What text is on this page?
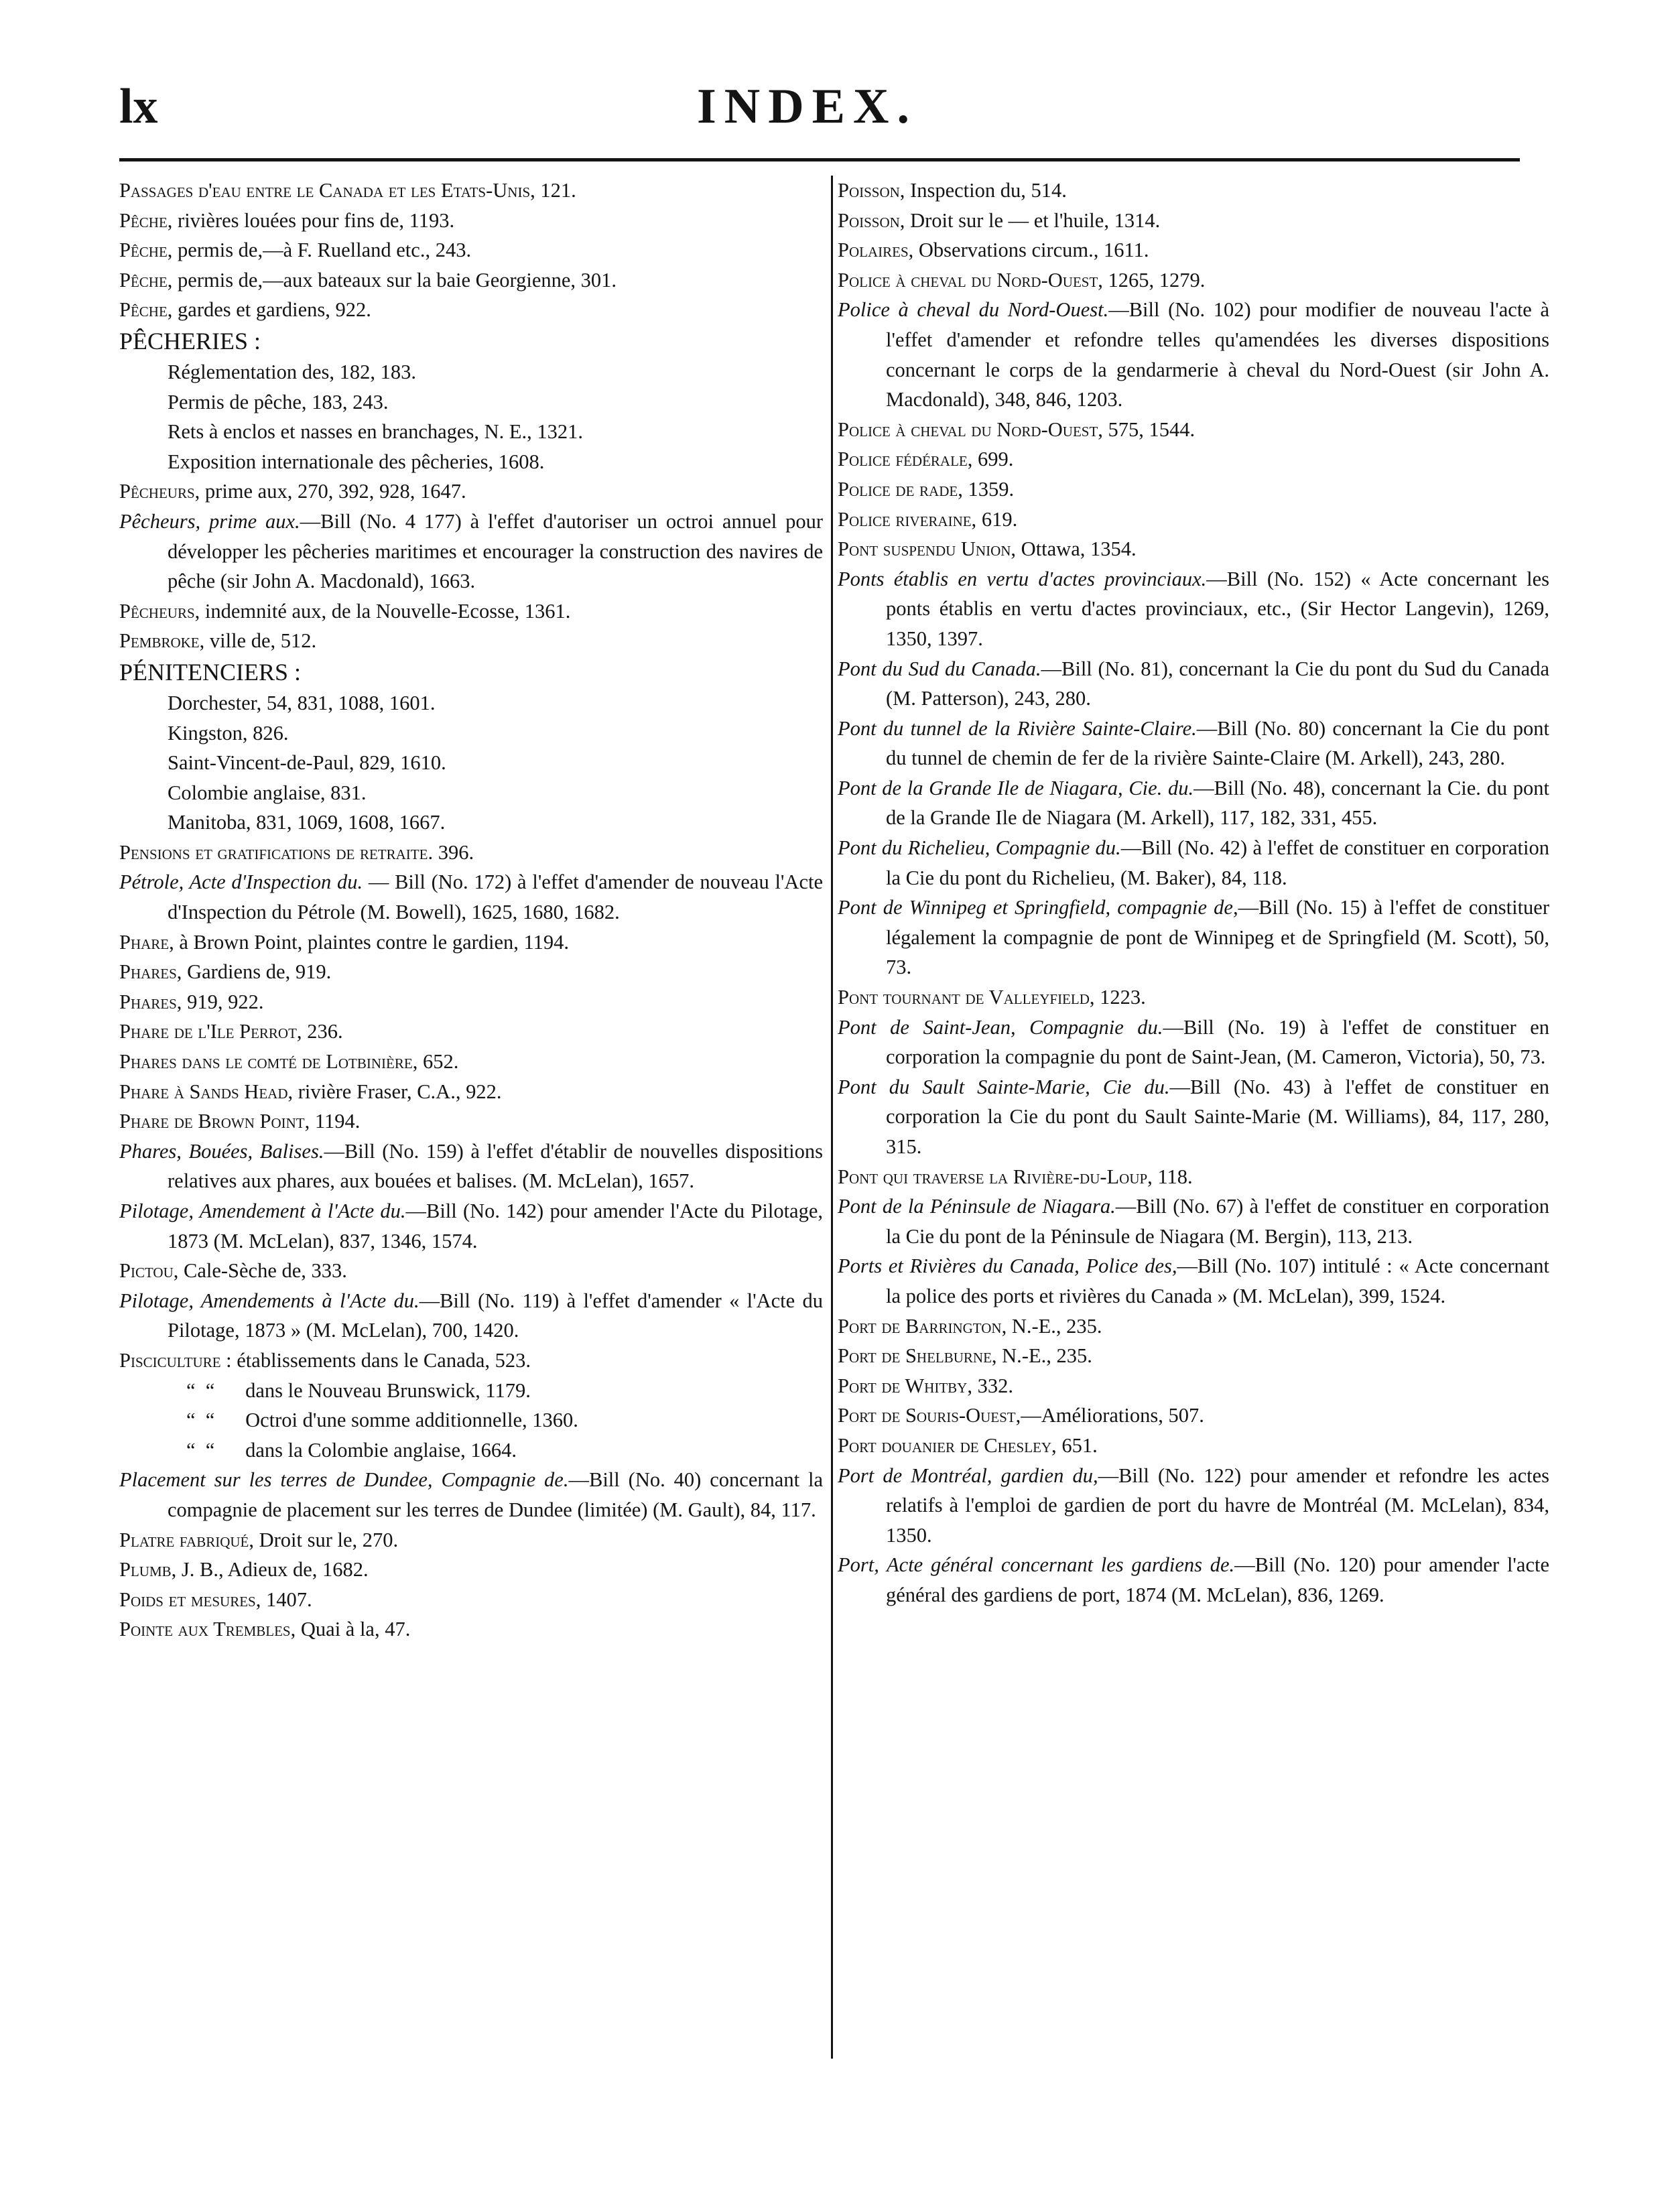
lx	INDEX.

Passages d'eau entre le Canada et les Etats-Unis, 121.

Pêche, rivières louées pour fins de, 1193.

Pêche, permis de,—à F. Ruelland etc., 243.

Pêche, permis de,—aux bateaux sur la baie Georgienne, 301.

Pêche, gardes et gardiens, 922.

PÊCHERIES :

Réglementation des, 182, 183.

Permis de pêche, 183, 243.

Rets à enclos et nasses en branchages, N. E., 1321.

Exposition internationale des pêcheries, 1608.

Pêcheurs, prime aux, 270, 392, 928, 1647.

Pêcheurs, prime aux.—Bill (No. 4 177) à l'effet d'autoriser un octroi annuel pour développer les pêcheries maritimes et encourager la construction des navires de pêche (sir John A. Macdonald), 1663.

Pêcheurs, indemnité aux, de la Nouvelle-Ecosse, 1361.

Pembroke, ville de, 512.

PÉNITENCIERS :

Dorchester, 54, 831, 1088, 1601.

Kingston, 826.

Saint-Vincent-de-Paul, 829, 1610.

Colombie anglaise, 831.

Manitoba, 831, 1069, 1608, 1667.

Pensions et gratifications de retraite. 396.

Pétrole, Acte d'Inspection du. — Bill (No. 172) à l'effet d'amender de nouveau l'Acte d'Inspection du Pétrole (M. Bowell), 1625, 1680, 1682.

Phare, à Brown Point, plaintes contre le gardien, 1194.

Phares, Gardiens de, 919.

Phares, 919, 922.

Phare de l'Ile Perrot, 236.

Phares dans le comté de Lotbinière, 652.

Phare à Sands Head, rivière Fraser, C.A., 922.

Phare de Brown Point, 1194.

Phares, Bouées, Balises.—Bill (No. 159) à l'effet d'établir de nouvelles dispositions relatives aux phares, aux bouées et balises. (M. McLelan), 1657.

Pilotage, Amendement à l'Acte du.—Bill (No. 142) pour amender l'Acte du Pilotage, 1873 (M. McLelan), 837, 1346, 1574.

Pictou, Cale-Sèche de, 333.

Pilotage, Amendements à l'Acte du.—Bill (No. 119) à l'effet d'amender « l'Acte du Pilotage, 1873 » (M. McLelan), 700, 1420.

Pisciculture : établissements dans le Canada, 523.

“  “      dans le Nouveau Brunswick, 1179.

“  “      Octroi d'une somme additionnelle, 1360.

“  “      dans la Colombie anglaise, 1664.

Placement sur les terres de Dundee, Compagnie de.—Bill (No. 40) concernant la compagnie de placement sur les terres de Dundee (limitée) (M. Gault), 84, 117.

Platre fabriqué, Droit sur le, 270.

Plumb, J. B., Adieux de, 1682.

Poids et mesures, 1407.

Pointe aux Trembles, Quai à la, 47.

Poisson, Inspection du, 514.

Poisson, Droit sur le — et l'huile, 1314.

Polaires, Observations circum., 1611.

Police à cheval du Nord-Ouest, 1265, 1279.

Police à cheval du Nord-Ouest.—Bill (No. 102) pour modifier de nouveau l'acte à l'effet d'amender et refondre telles qu'amendées les diverses dispositions concernant le corps de la gendarmerie à cheval du Nord-Ouest (sir John A. Macdonald), 348, 846, 1203.

Police à cheval du Nord-Ouest, 575, 1544.

Police fédérale, 699.

Police de rade, 1359.

Police riveraine, 619.

Pont suspendu Union, Ottawa, 1354.

Ponts établis en vertu d'actes provinciaux.—Bill (No. 152) « Acte concernant les ponts établis en vertu d'actes provinciaux, etc., (Sir Hector Langevin), 1269, 1350, 1397.

Pont du Sud du Canada.—Bill (No. 81), concernant la Cie du pont du Sud du Canada (M. Patterson), 243, 280.

Pont du tunnel de la Rivière Sainte-Claire.—Bill (No. 80) concernant la Cie du pont du tunnel de chemin de fer de la rivière Sainte-Claire (M. Arkell), 243, 280.

Pont de la Grande Ile de Niagara, Cie. du.—Bill (No. 48), concernant la Cie. du pont de la Grande Ile de Niagara (M. Arkell), 117, 182, 331, 455.

Pont du Richelieu, Compagnie du.—Bill (No. 42) à l'effet de constituer en corporation la Cie du pont du Richelieu, (M. Baker), 84, 118.

Pont de Winnipeg et Springfield, compagnie de,—Bill (No. 15) à l'effet de constituer légalement la compagnie de pont de Winnipeg et de Springfield (M. Scott), 50, 73.

Pont tournant de Valleyfield, 1223.

Pont de Saint-Jean, Compagnie du.—Bill (No. 19) à l'effet de constituer en corporation la compagnie du pont de Saint-Jean, (M. Cameron, Victoria), 50, 73.

Pont du Sault Sainte-Marie, Cie du.—Bill (No. 43) à l'effet de constituer en corporation la Cie du pont du Sault Sainte-Marie (M. Williams), 84, 117, 280, 315.

Pont qui traverse la Rivière-du-Loup, 118.

Pont de la Péninsule de Niagara.—Bill (No. 67) à l'effet de constituer en corporation la Cie du pont de la Péninsule de Niagara (M. Bergin), 113, 213.

Ports et Rivières du Canada, Police des,—Bill (No. 107) intitulé : « Acte concernant la police des ports et rivières du Canada » (M. McLelan), 399, 1524.

Port de Barrington, N.-E., 235.

Port de Shelburne, N.-E., 235.

Port de Whitby, 332.

Port de Souris-Ouest,—Améliorations, 507.

Port douanier de Chesley, 651.

Port de Montréal, gardien du,—Bill (No. 122) pour amender et refondre les actes relatifs à l'emploi de gardien de port du havre de Montréal (M. McLelan), 834, 1350.

Port, Acte général concernant les gardiens de.—Bill (No. 120) pour amender l'acte général des gardiens de port, 1874 (M. McLelan), 836, 1269.
